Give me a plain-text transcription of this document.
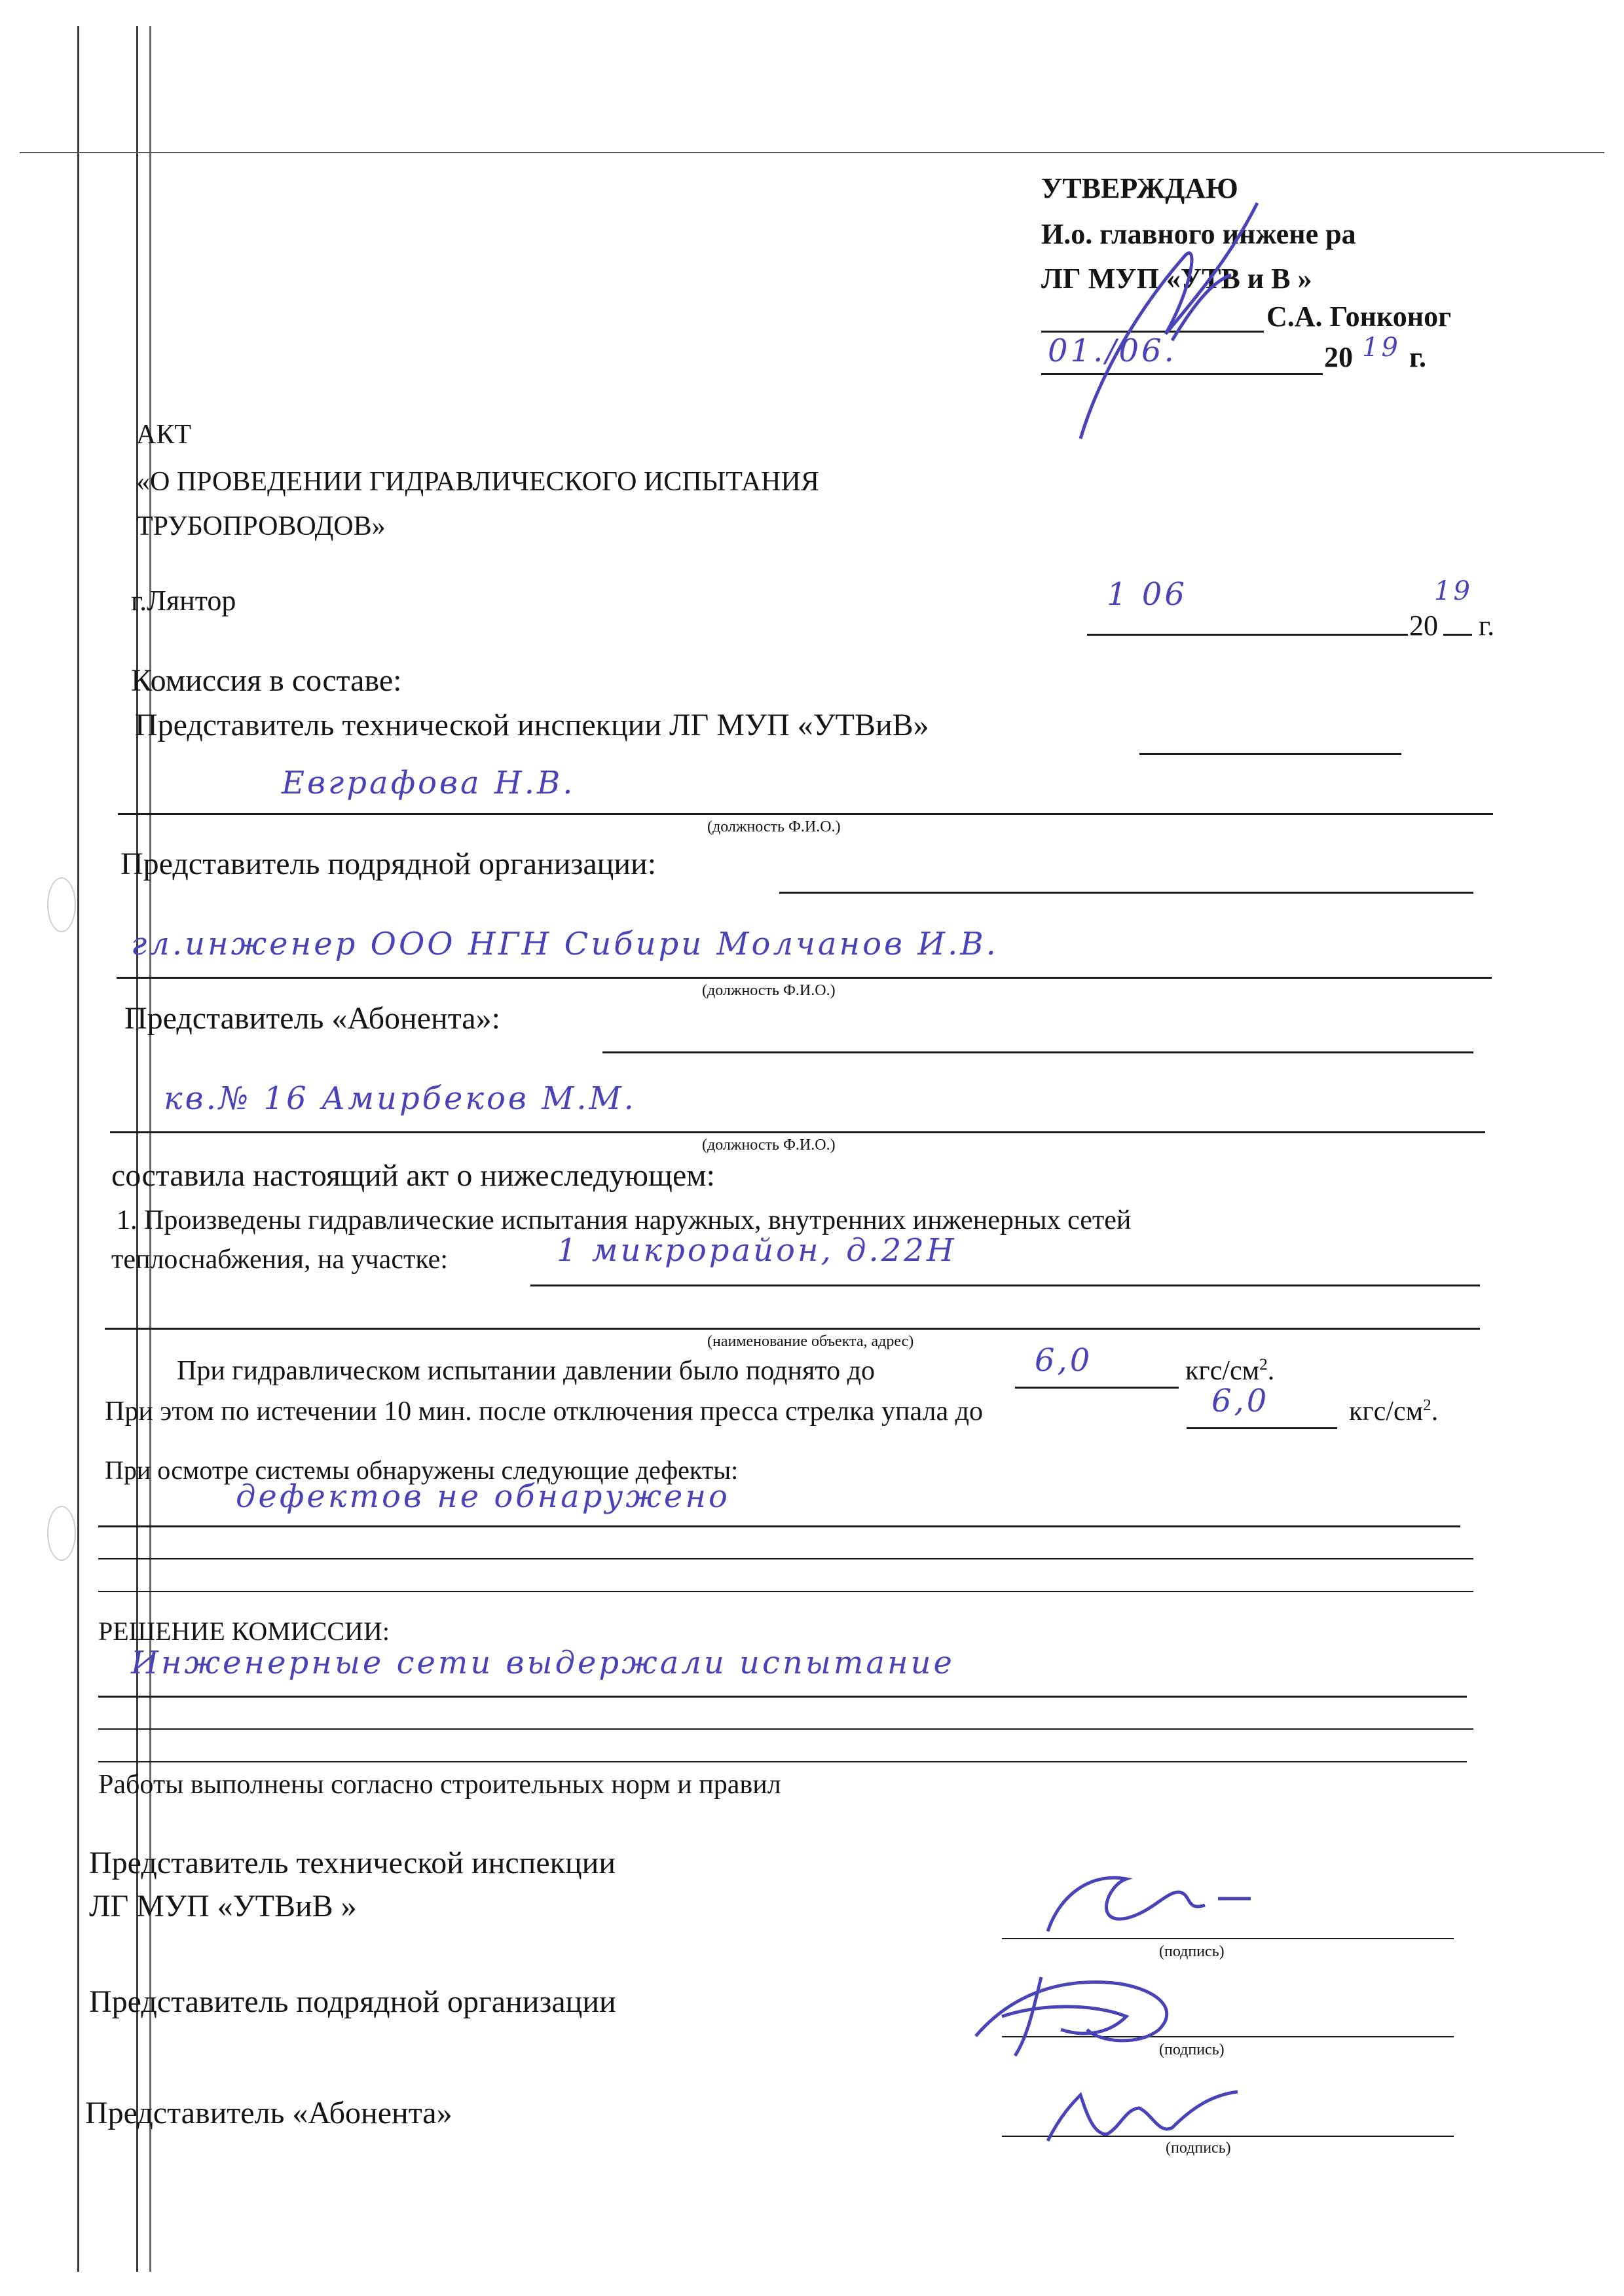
УТВЕРЖДАЮ
И.о. главного инжене ра
ЛГ МУП «УТВ и В »
С.А. Гонконог
01./06.	20 19 г.
АКТ
«О ПРОВЕДЕНИИ ГИДРАВЛИЧЕСКОГО ИСПЫТАНИЯ
ТРУБОПРОВОДОВ»
г.Лянтор	1 06
20
19
г.
Комиссия в составе:
Представитель технической инспекции ЛГ МУП «УТВиВ»
Евграфова Н.В.
(должность Ф.И.О.)
Представитель подрядной организации:
гл.инженер ООО НГН Сибири Молчанов И.В.
(должность Ф.И.О.)
Представитель «Абонента»:
кв.№ 16 Амирбеков М.М.
(должность Ф.И.О.)
составила настоящий акт о нижеследующем:
1. Произведены гидравлические испытания наружных, внутренних инженерных сетей
теплоснабжения, на участке:	1 микрорайон, д.22Н
(наименование объекта, адрес)
При гидравлическом испытании давлении было поднято до	6,0	кгс/$см^2$.
При этом по истечении 10 мин. после отключения пресса стрелка упала до	6,0	кгс/$см^2$.
При осмотре системы обнаружены следующие дефекты:
дефектов не обнаружено
РЕШЕНИЕ КОМИССИИ:
Инженерные сети выдержали испытание
Работы выполнены согласно строительных норм и правил
Представитель технической инспекции
ЛГ МУП «УТВиВ »
(подпись)
Представитель подрядной организации
(подпись)
Представитель «Абонента»
(подпись)
